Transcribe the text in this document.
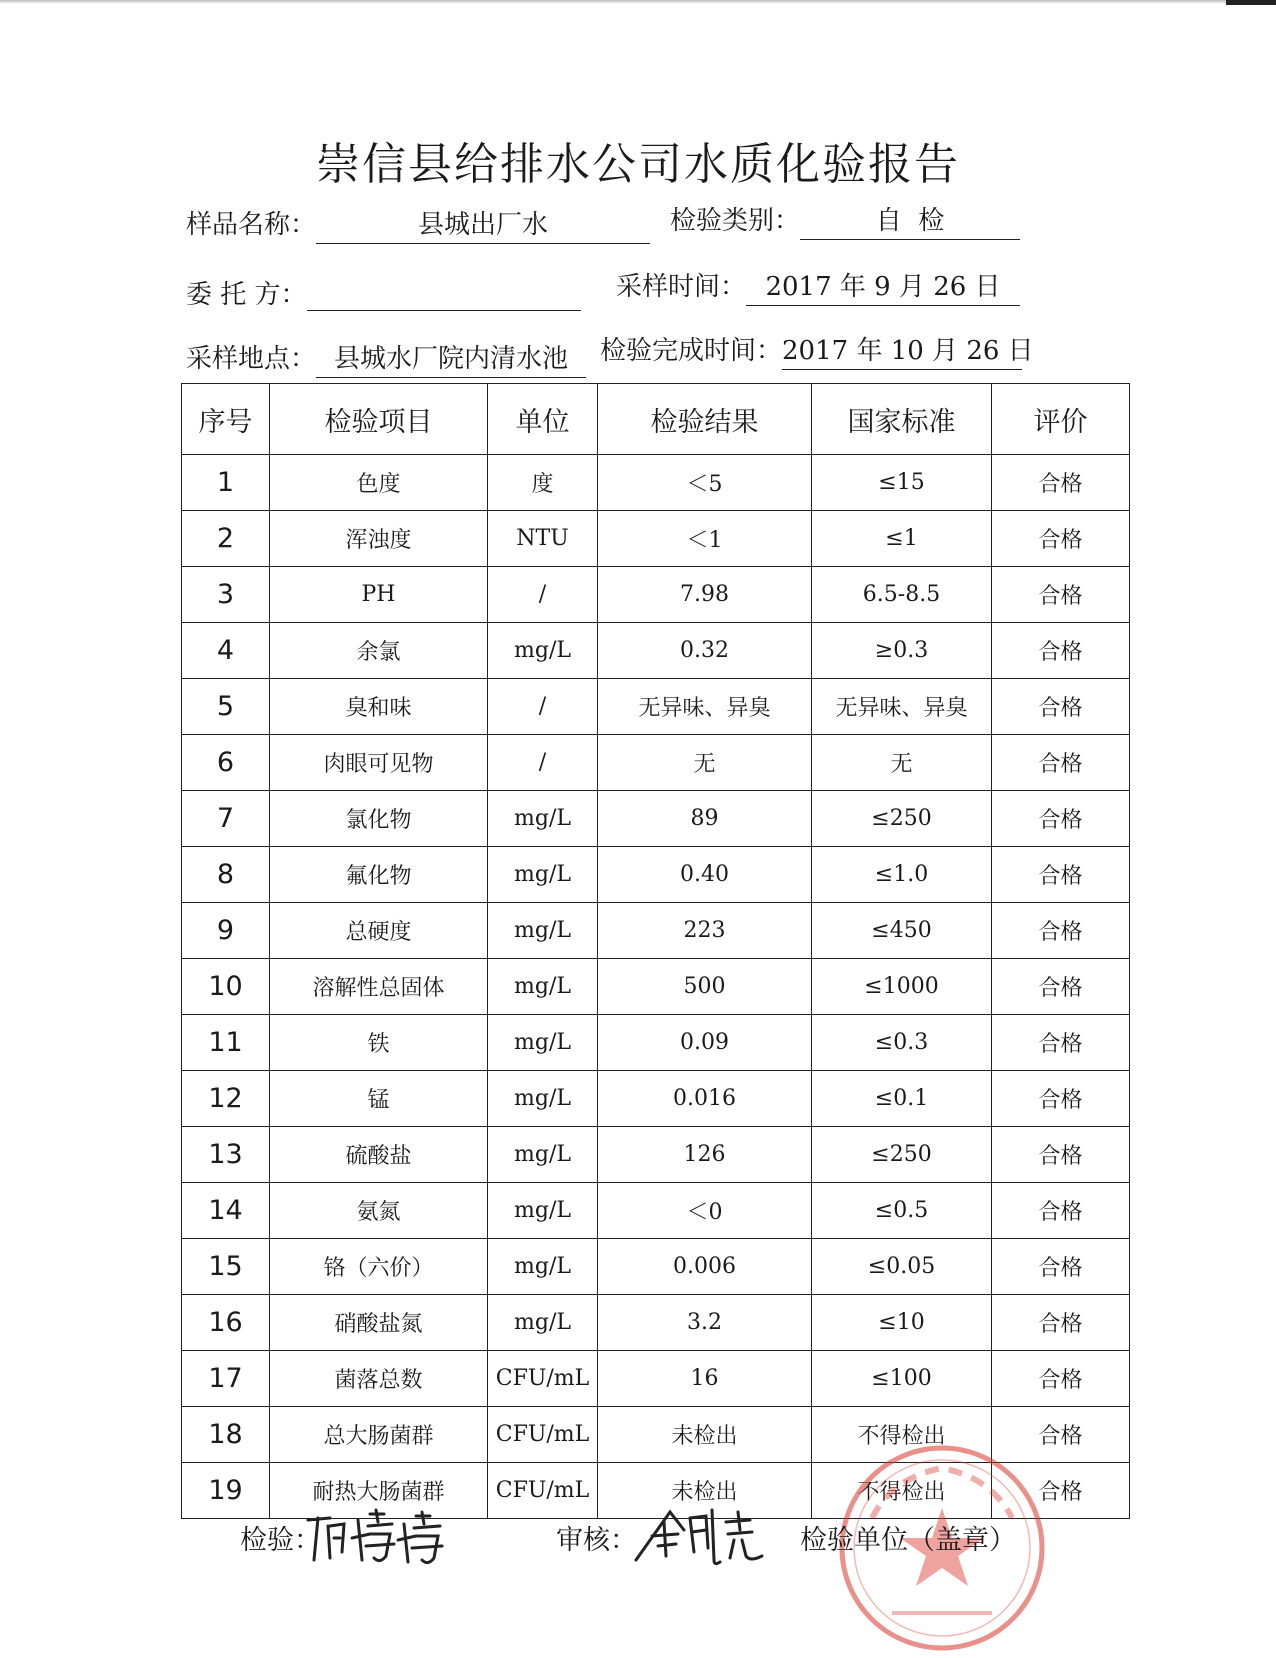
崇信县给排水公司水质化验报告
样品名称：	县城出厂水	检验类别：	自  检
委 托 方：	采样时间： 2017 年 9 月 26 日
采样地点： 县城水厂院内清水池	检验完成时间：2017 年 10 月 26 日
序号	检验项目	单位	检验结果	国家标准	评价
1	色度	度	＜5	≤15	合格
2	浑浊度	NTU	＜1	≤1	合格
3	PH	/	7.98	6.5-8.5	合格
4	余氯	mg/L	0.32	≥0.3	合格
5	臭和味	/	无异味、异臭	无异味、异臭	合格
6	肉眼可见物	/	无	无	合格
7	氯化物	mg/L	89	≤250	合格
8	氟化物	mg/L	0.40	≤1.0	合格
9	总硬度	mg/L	223	≤450	合格
10	溶解性总固体	mg/L	500	≤1000	合格
11	铁	mg/L	0.09	≤0.3	合格
12	锰	mg/L	0.016	≤0.1	合格
13	硫酸盐	mg/L	126	≤250	合格
14	氨氮	mg/L	＜0	≤0.5	合格
15	铬（六价）	mg/L	0.006	≤0.05	合格
16	硝酸盐氮	mg/L	3.2	≤10	合格
17	菌落总数	CFU/mL	16	≤100	合格
18	总大肠菌群	CFU/mL	未检出	不得检出	合格
19	耐热大肠菌群	CFU/mL	未检出	不得检出	合格
检验：	审核：	检验单位（盖章）
